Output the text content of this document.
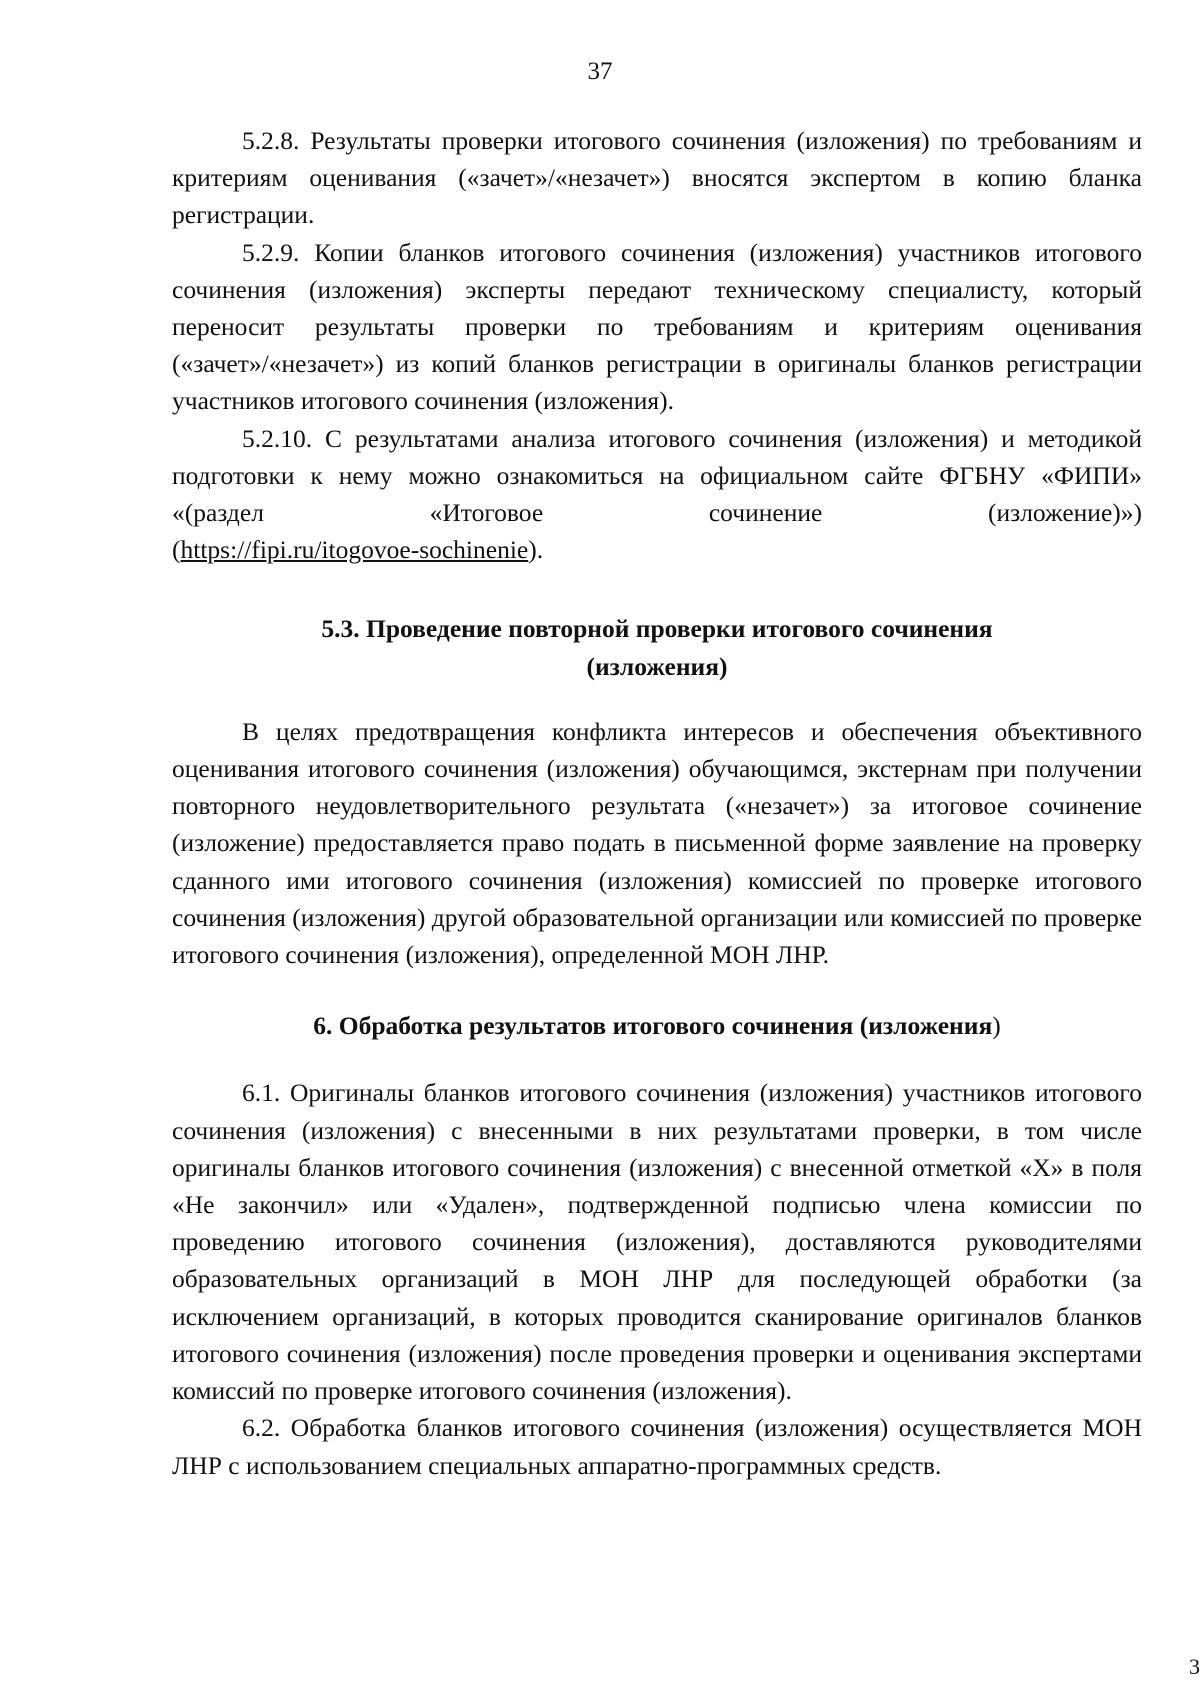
37

5.2.8. Результаты проверки итогового сочинения (изложения) по требованиям и критериям оценивания («зачет»/«незачет») вносятся экспертом в копию бланка регистрации.

5.2.9. Копии бланков итогового сочинения (изложения) участников итогового сочинения (изложения) эксперты передают техническому специалисту, который переносит результаты проверки по требованиям и критериям оценивания («зачет»/«незачет») из копий бланков регистрации в оригиналы бланков регистрации участников итогового сочинения (изложения).

5.2.10. С результатами анализа итогового сочинения (изложения) и методикой подготовки к нему можно ознакомиться на официальном сайте ФГБНУ «ФИПИ» «(раздел «Итоговое сочинение (изложение)»)

(https://fipi.ru/itogovoe-sochinenie).

5.3. Проведение повторной проверки итогового сочинения
(изложения)

В целях предотвращения конфликта интересов и обеспечения объективного оценивания итогового сочинения (изложения) обучающимся, экстернам при получении повторного неудовлетворительного результата («незачет») за итоговое сочинение (изложение) предоставляется право подать в письменной форме заявление на проверку сданного ими итогового сочинения (изложения) комиссией по проверке итогового сочинения (изложения) другой образовательной организации или комиссией по проверке итогового сочинения (изложения), определенной МОН ЛНР.

6. Обработка результатов итогового сочинения (изложения)

6.1. Оригиналы бланков итогового сочинения (изложения) участников итогового сочинения (изложения) с внесенными в них результатами проверки, в том числе оригиналы бланков итогового сочинения (изложения) с внесенной отметкой «Х» в поля «Не закончил» или «Удален», подтвержденной подписью члена комиссии по проведению итогового сочинения (изложения), доставляются руководителями образовательных организаций в МОН ЛНР для последующей обработки (за исключением организаций, в которых проводится сканирование оригиналов бланков итогового сочинения (изложения) после проведения проверки и оценивания экспертами комиссий по проверке итогового сочинения (изложения).

6.2. Обработка бланков итогового сочинения (изложения) осуществляется МОН ЛНР с использованием специальных аппаратно-программных средств.

3
